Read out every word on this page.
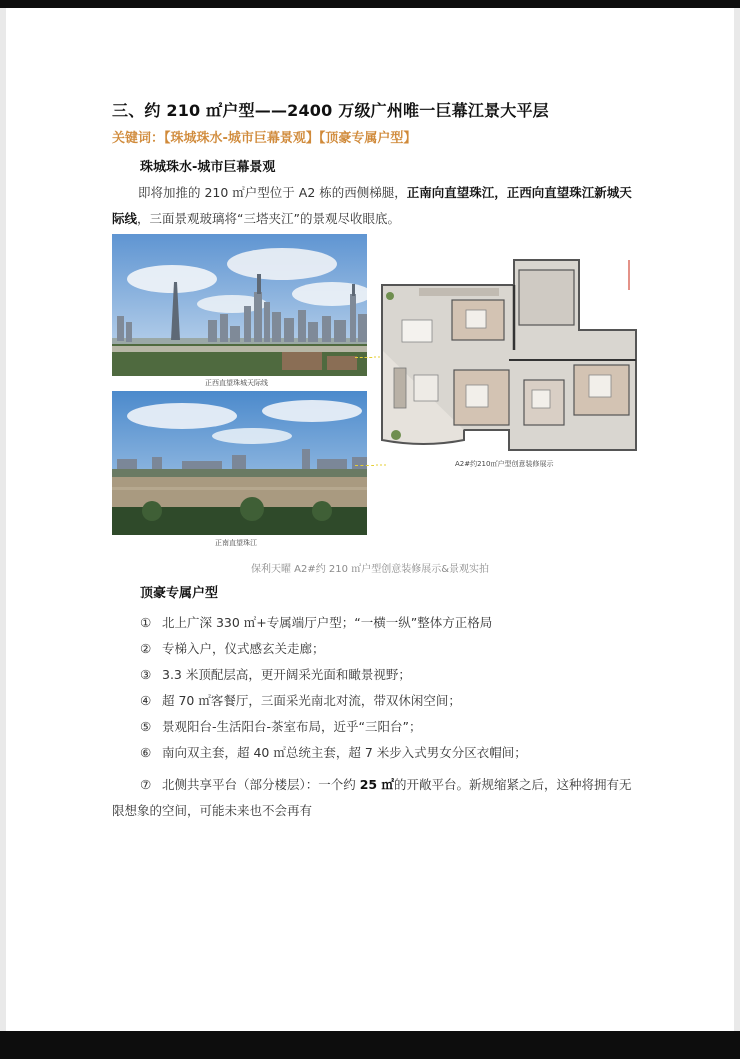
三、约 210 ㎡户型——2400 万级广州唯一巨幕江景大平层
关键词：【珠城珠水-城市巨幕景观】【顶豪专属户型】
珠城珠水-城市巨幕景观
即将加推的 210 ㎡户型位于 A2 栋的西侧梯腿，正南向直望珠江，正西向直望珠江新城天际线，三面景观玻璃将“三塔夹江”的景观尽收眼底。
正西直望珠城天际线
正南直望珠江
A2#约210㎡户型创意装修展示
保利天曜 A2#约 210 ㎡户型创意装修展示&景观实拍
顶豪专属户型
① 北上广深 330 ㎡+专属端厅户型；“一横一纵”整体方正格局
② 专梯入户，仪式感玄关走廊；
③ 3.3 米顶配层高，更开阔采光面和瞰景视野；
④ 超 70 ㎡客餐厅，三面采光南北对流，带双休闲空间；
⑤ 景观阳台-生活阳台-茶室布局，近乎“三阳台”；
⑥ 南向双主套，超 40 ㎡总统主套，超 7 米步入式男女分区衣帽间；
⑦ 北侧共享平台（部分楼层）：一个约 25 ㎡的开敞平台。新规缩紧之后，这种将拥有无限想象的空间，可能未来也不会再有
